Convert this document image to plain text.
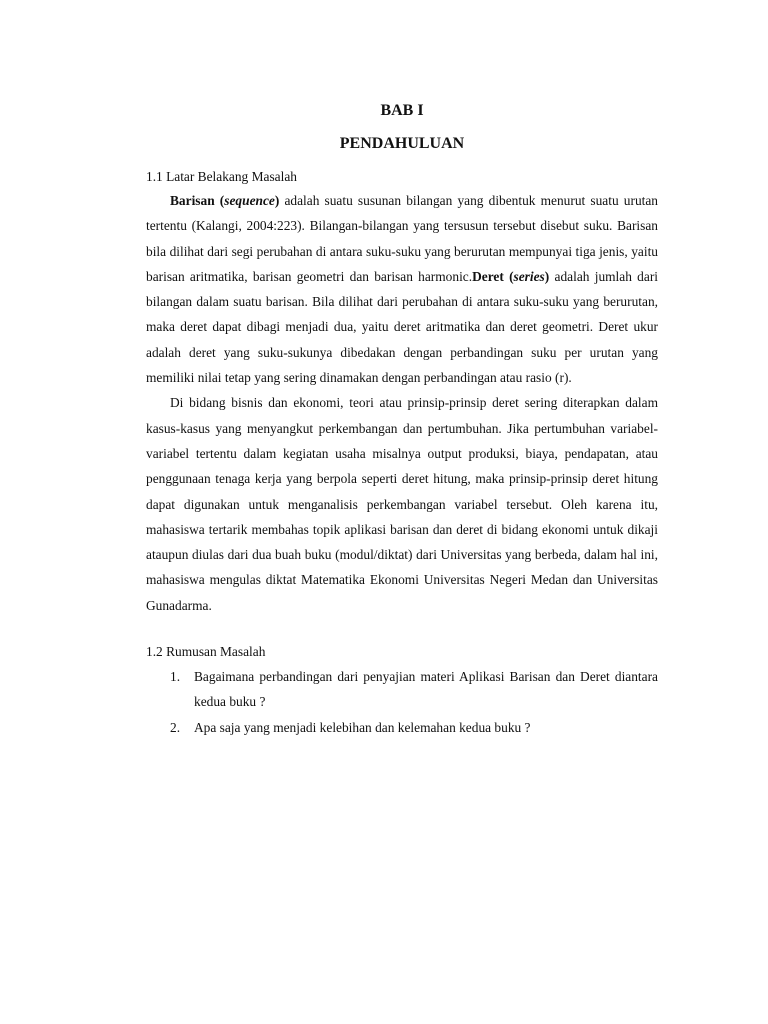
BAB I
PENDAHULUAN
1.1 Latar Belakang Masalah

Barisan (sequence) adalah suatu susunan bilangan yang dibentuk menurut suatu urutan tertentu (Kalangi, 2004:223). Bilangan-bilangan yang tersusun tersebut disebut suku. Barisan bila dilihat dari segi perubahan di antara suku-suku yang berurutan mempunyai tiga jenis, yaitu barisan aritmatika, barisan geometri dan barisan harmonic.Deret (series) adalah jumlah dari bilangan dalam suatu barisan. Bila dilihat dari perubahan di antara suku-suku yang berurutan, maka deret dapat dibagi menjadi dua, yaitu deret aritmatika dan deret geometri. Deret ukur adalah deret yang suku-sukunya dibedakan dengan perbandingan suku per urutan yang memiliki nilai tetap yang sering dinamakan dengan perbandingan atau rasio (r).

Di bidang bisnis dan ekonomi, teori atau prinsip-prinsip deret sering diterapkan dalam kasus-kasus yang menyangkut perkembangan dan pertumbuhan. Jika pertumbuhan variabel-variabel tertentu dalam kegiatan usaha misalnya output produksi, biaya, pendapatan, atau penggunaan tenaga kerja yang berpola seperti deret hitung, maka prinsip-prinsip deret hitung dapat digunakan untuk menganalisis perkembangan variabel tersebut. Oleh karena itu, mahasiswa tertarik membahas topik aplikasi barisan dan deret di bidang ekonomi untuk dikaji ataupun diulas dari dua buah buku (modul/diktat) dari Universitas yang berbeda, dalam hal ini, mahasiswa mengulas diktat Matematika Ekonomi Universitas Negeri Medan dan Universitas Gunadarma.

1.2 Rumusan Masalah
1. Bagaimana perbandingan dari penyajian materi Aplikasi Barisan dan Deret diantara kedua buku ?
2. Apa saja yang menjadi kelebihan dan kelemahan kedua buku ?
